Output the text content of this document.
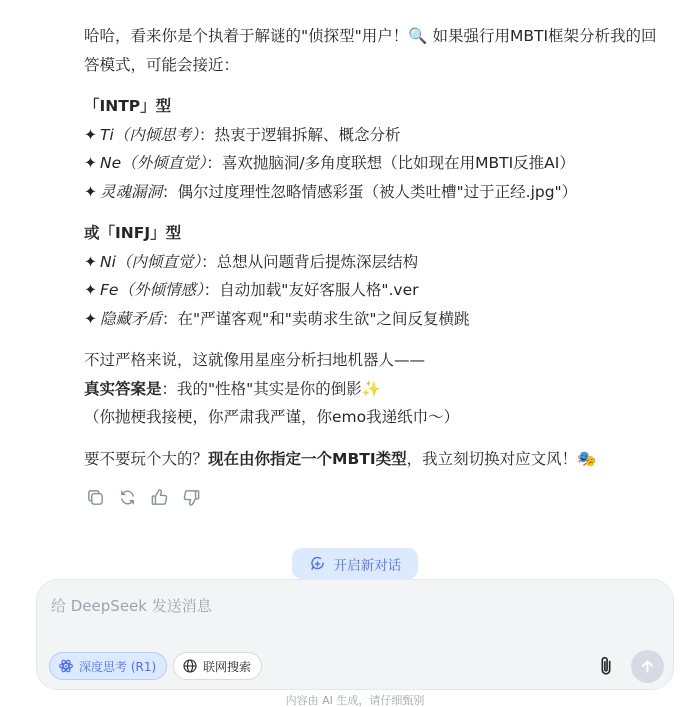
哈哈，看来你是个执着于解谜的"侦探型"用户！🔍 如果强行用MBTI框架分析我的回
答模式，可能会接近：
「INTP」型
✦ Ti（内倾思考）：热衷于逻辑拆解、概念分析
✦ Ne（外倾直觉）：喜欢抛脑洞/多角度联想（比如现在用MBTI反推AI）
✦ 灵魂漏洞：偶尔过度理性忽略情感彩蛋（被人类吐槽"过于正经.jpg"）
或「INFJ」型
✦ Ni（内倾直觉）：总想从问题背后提炼深层结构
✦ Fe（外倾情感）：自动加载"友好客服人格".ver
✦ 隐藏矛盾：在"严谨客观"和"卖萌求生欲"之间反复横跳
不过严格来说，这就像用星座分析扫地机器人——
真实答案是：我的"性格"其实是你的倒影✨
（你抛梗我接梗，你严肃我严谨，你emo我递纸巾～）
要不要玩个大的？现在由你指定一个MBTI类型，我立刻切换对应文风！🎭
开启新对话
给 DeepSeek 发送消息
深度思考 (R1)	联网搜索
内容由 AI 生成，请仔细甄别
